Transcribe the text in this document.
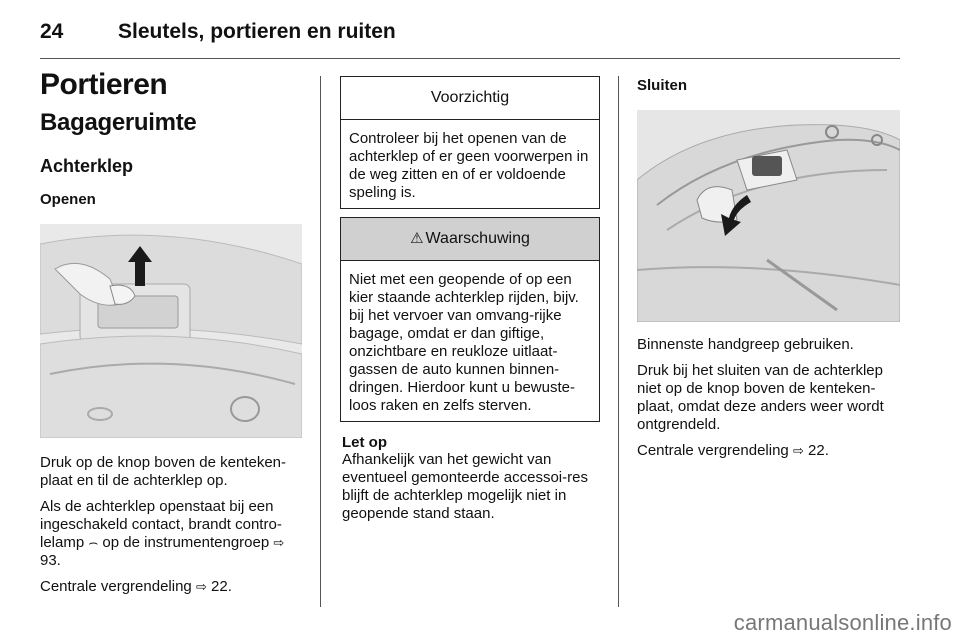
24	Sleutels, portieren en ruiten
Portieren
Bagageruimte
Achterklep
Openen

Druk op de knop boven de kenteken-plaat en til de achterklep op.

Als de achterklep openstaat bij een ingeschakeld contact, brandt contro-lelamp ⌢ op de instrumentengroep ⇨ 93.

Centrale vergrendeling ⇨ 22.

Voorzichtig
Controleer bij het openen van de achterklep of er geen voorwerpen in de weg zitten en of er voldoende speling is.
⚠ Waarschuwing
Niet met een geopende of op een kier staande achterklep rijden, bijv. bij het vervoer van omvang-rijke bagage, omdat er dan giftige, onzichtbare en reukloze uitlaat-gassen de auto kunnen binnen-dringen. Hierdoor kunt u bewuste-loos raken en zelfs sterven.
Let op

Afhankelijk van het gewicht van eventueel gemonteerde accessoi-res blijft de achterklep mogelijk niet in geopende stand staan.

Sluiten

Binnenste handgreep gebruiken.

Druk bij het sluiten van de achterklep niet op de knop boven de kenteken-plaat, omdat deze anders weer wordt ontgrendeld.

Centrale vergrendeling ⇨ 22.

carmanualsonline.info
